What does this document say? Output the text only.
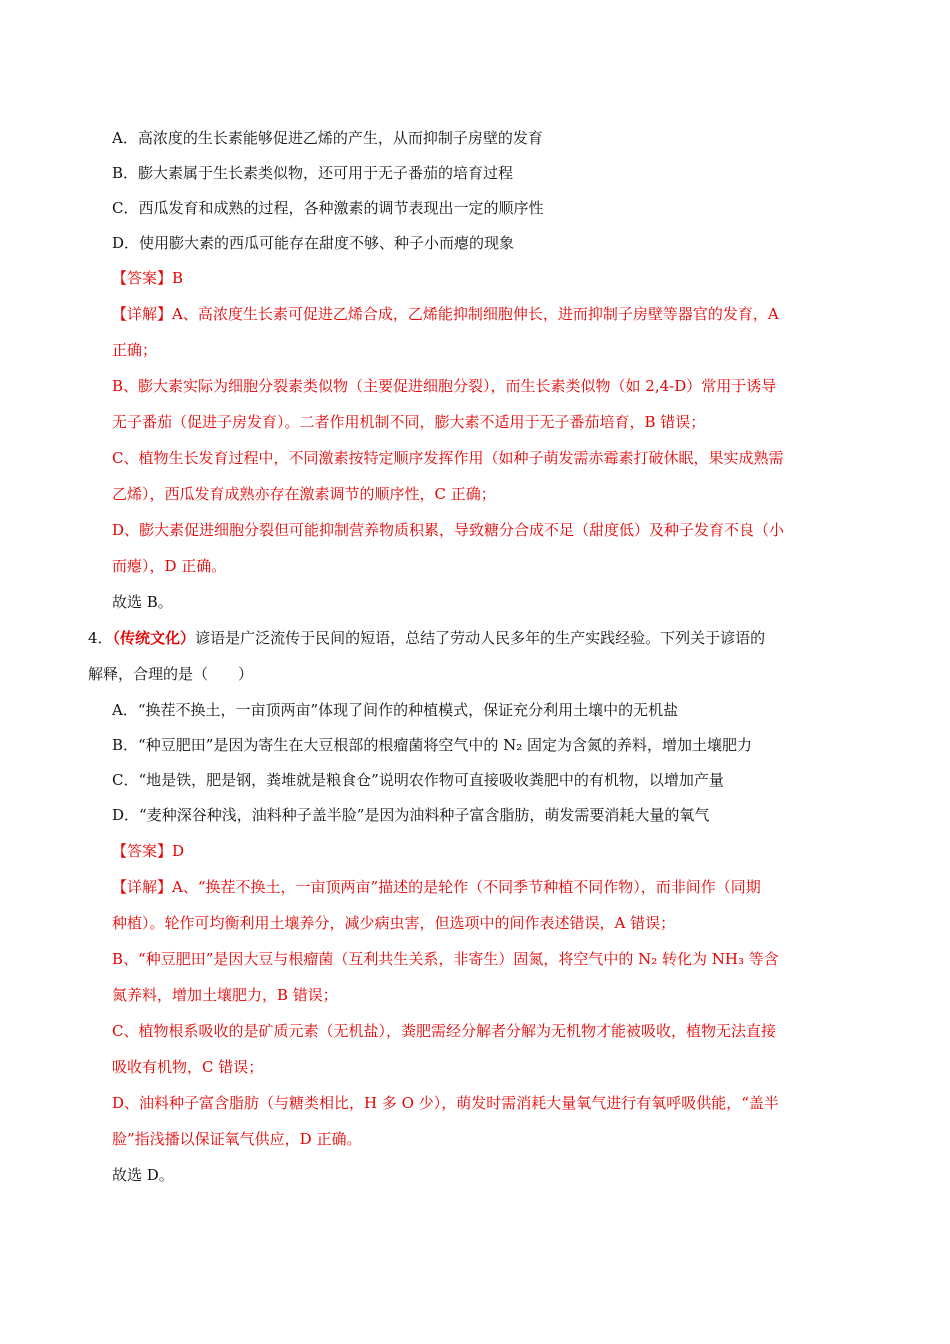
A．高浓度的生长素能够促进乙烯的产生，从而抑制子房壁的发育
B．膨大素属于生长素类似物，还可用于无子番茄的培育过程
C．西瓜发育和成熟的过程，各种激素的调节表现出一定的顺序性
D．使用膨大素的西瓜可能存在甜度不够、种子小而瘪的现象
【答案】B
【详解】A、高浓度生长素可促进乙烯合成，乙烯能抑制细胞伸长，进而抑制子房壁等器官的发育，A
正确；
B、膨大素实际为细胞分裂素类似物（主要促进细胞分裂），而生长素类似物（如 2,4-D）常用于诱导
无子番茄（促进子房发育）。二者作用机制不同，膨大素不适用于无子番茄培育，B 错误；
C、植物生长发育过程中，不同激素按特定顺序发挥作用（如种子萌发需赤霉素打破休眠，果实成熟需
乙烯），西瓜发育成熟亦存在激素调节的顺序性，C 正确；
D、膨大素促进细胞分裂但可能抑制营养物质积累，导致糖分合成不足（甜度低）及种子发育不良（小
而瘪），D 正确。
故选 B。
4．（传统文化）谚语是广泛流传于民间的短语，总结了劳动人民多年的生产实践经验。下列关于谚语的
解释，合理的是（　　）
A．“换茬不换土，一亩顶两亩”体现了间作的种植模式，保证充分利用土壤中的无机盐
B．“种豆肥田”是因为寄生在大豆根部的根瘤菌将空气中的 N₂ 固定为含氮的养料，增加土壤肥力
C．“地是铁，肥是钢，粪堆就是粮食仓”说明农作物可直接吸收粪肥中的有机物，以增加产量
D．“麦种深谷种浅，油料种子盖半脸”是因为油料种子富含脂肪，萌发需要消耗大量的氧气
【答案】D
【详解】A、“换茬不换土，一亩顶两亩”描述的是轮作（不同季节种植不同作物），而非间作（同期
种植）。轮作可均衡利用土壤养分，减少病虫害，但选项中的间作表述错误，A 错误；
B、“种豆肥田”是因大豆与根瘤菌（互利共生关系，非寄生）固氮，将空气中的 N₂ 转化为 NH₃ 等含
氮养料，增加土壤肥力，B 错误；
C、植物根系吸收的是矿质元素（无机盐），粪肥需经分解者分解为无机物才能被吸收，植物无法直接
吸收有机物，C 错误；
D、油料种子富含脂肪（与糖类相比，H 多 O 少），萌发时需消耗大量氧气进行有氧呼吸供能，“盖半
脸”指浅播以保证氧气供应，D 正确。
故选 D。
